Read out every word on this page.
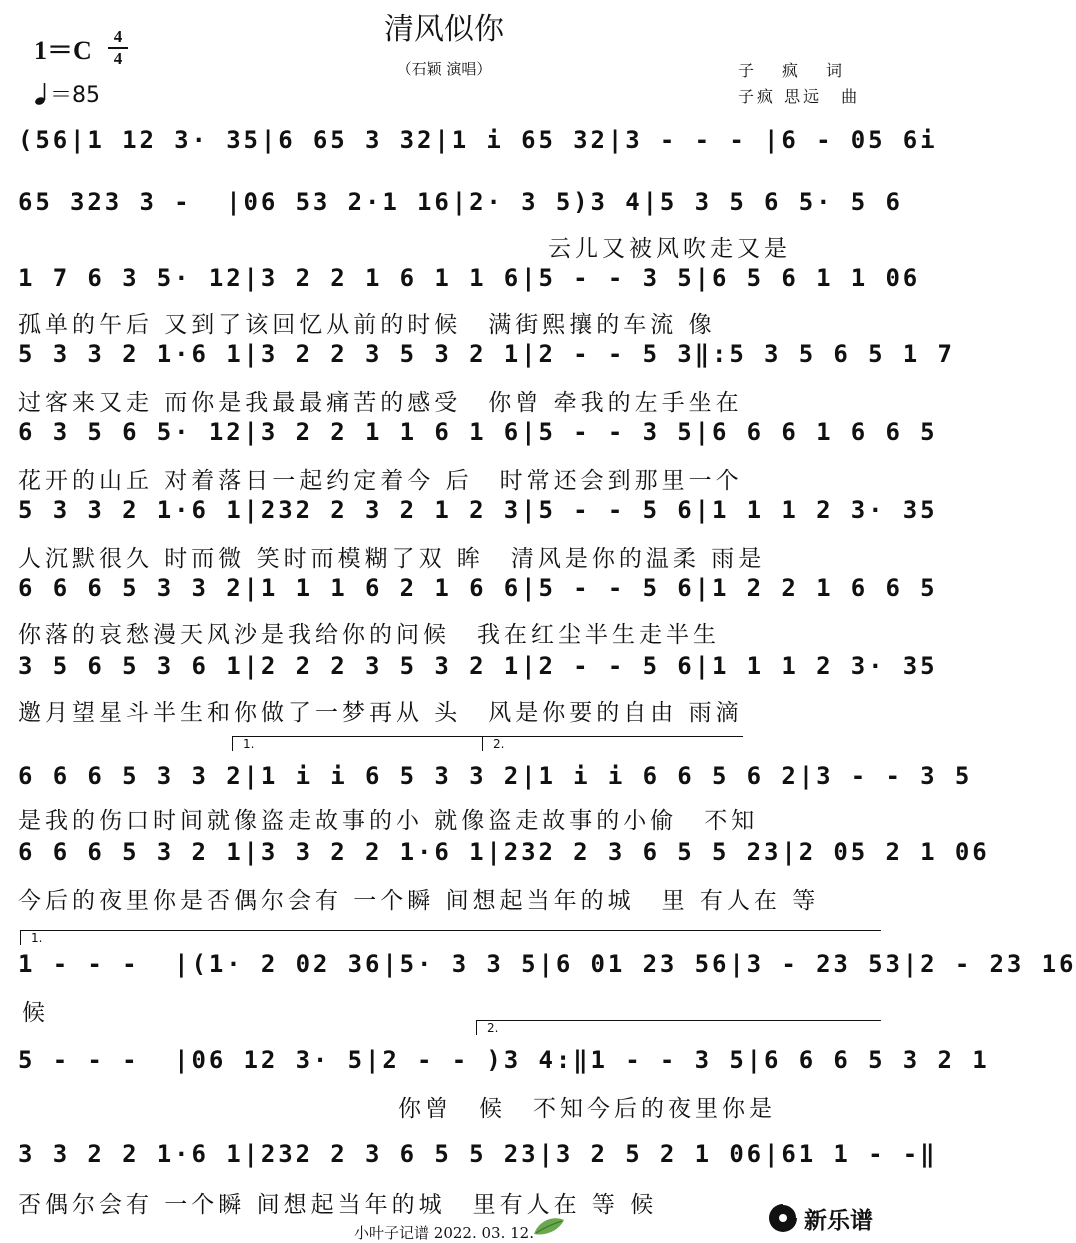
清风似你
（石颖 演唱）
1＝C	4
4
＝85
子　疯　词
子疯 思远　曲
1.	2.
1.
2.
(56|1 12 3· 35|6 65 3 32|1 i 65 32|3 - - - |6 - 05 6i
65 323 3 -  |06 53 2·1 16|2· 3 5)3 4|5 3 5 6 5· 5 6
云儿又被风吹走又是
1 7 6 3 5· 12|3 2 2 1 6 1 1 6|5 - - 3 5|6 5 6 1 1 06
孤单的午后 又到了该回忆从前的时候　满街熙攘的车流 像
5 3 3 2 1·6 1|3 2 2 3 5 3 2 1|2 - - 5 3‖:5 3 5 6 5 1 7
过客来又走 而你是我最最痛苦的感受　你曾 牵我的左手坐在
6 3 5 6 5· 12|3 2 2 1 1 6 1 6|5 - - 3 5|6 6 6 1 6 6 5
花开的山丘 对着落日一起约定着今 后　时常还会到那里一个
5 3 3 2 1·6 1|232 2 3 2 1 2 3|5 - - 5 6|1 1 1 2 3· 35
人沉默很久 时而微 笑时而模糊了双 眸　清风是你的温柔 雨是
6 6 6 5 3 3 2|1 1 1 6 2 1 6 6|5 - - 5 6|1 2 2 1 6 6 5
你落的哀愁漫天风沙是我给你的问候　我在红尘半生走半生
3 5 6 5 3 6 1|2 2 2 3 5 3 2 1|2 - - 5 6|1 1 1 2 3· 35
邀月望星斗半生和你做了一梦再从 头　风是你要的自由 雨滴
6 6 6 5 3 3 2|1 i i 6 5 3 3 2|1 i i 6 6 5 6 2|3 - - 3 5
是我的伤口时间就像盗走故事的小 就像盗走故事的小偷　不知
6 6 6 5 3 2 1|3 3 2 2 1·6 1|232 2 3 6 5 5 23|2 05 2 1 06
今后的夜里你是否偶尔会有 一个瞬 间想起当年的城　里 有人在 等
1 - - -  |(1· 2 02 36|5· 3 3 5|6 01 23 56|3 - 23 53|2 - 23 16
候
5 - - -  |06 12 3· 5|2 - - )3 4:‖1 - - 3 5|6 6 6 5 3 2 1
你曾　候　不知今后的夜里你是
3 3 2 2 1·6 1|232 2 3 6 5 5 23|3 2 5 2 1 06|61 1 - -‖
否偶尔会有 一个瞬 间想起当年的城　里有人在 等 候
小叶子记谱 2022. 03. 12.	新乐谱
